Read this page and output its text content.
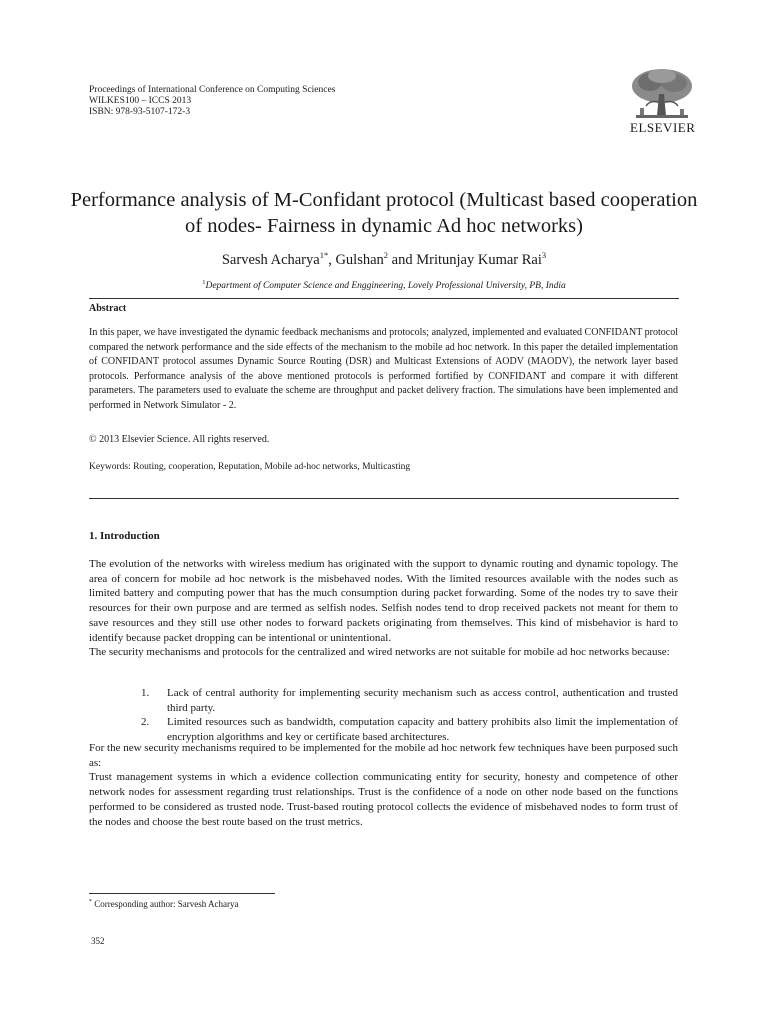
Proceedings of International Conference on Computing Sciences
WILKES100 – ICCS 2013
ISBN: 978-93-5107-172-3
ELSEVIER
Performance analysis of M-Confidant protocol (Multicast based cooperation of nodes- Fairness in dynamic Ad hoc networks)
Sarvesh Acharya$^{1*}$, Gulshan$^2$ and Mritunjay Kumar Rai$^3$
$^1$Department of Computer Science and Enggineering, Lovely Professional University, PB, India
Abstract

In this paper, we have investigated the dynamic feedback mechanisms and protocols; analyzed, implemented and evaluated CONFIDANT protocol compared the network performance and the side effects of the mechanism to the mobile ad hoc network. In this paper the detailed implementation of CONFIDANT protocol assumes Dynamic Source Routing (DSR) and Multicast Extensions of AODV (MAODV), the network layer based protocols. Performance analysis of the above mentioned protocols is performed fortified by CONFIDANT and compare it with different parameters. The parameters used to evaluate the scheme are throughput and packet delivery fraction. The simulations have been implemented and performed in Network Simulator - 2.

© 2013 Elsevier Science. All rights reserved.
Keywords: Routing, cooperation, Reputation, Mobile ad-hoc networks, Multicasting
1. Introduction

The evolution of the networks with wireless medium has originated with the support to dynamic routing and dynamic topology. The area of concern for mobile ad hoc network is the misbehaved nodes. With the limited resources available with the nodes such as limited battery and computing power that has the much consumption during packet forwarding. Some of the nodes try to save their resources for their own purpose and are termed as selfish nodes. Selfish nodes tend to drop received packets not meant for them to save resources and they still use other nodes to forward packets originating from themselves. This kind of misbehavior is hard to identify because packet dropping can be intentional or unintentional.

The security mechanisms and protocols for the centralized and wired networks are not suitable for mobile ad hoc networks because:

1. Lack of central authority for implementing security mechanism such as access control, authentication and trusted third party.

2. Limited resources such as bandwidth, computation capacity and battery prohibits also limit the implementation of encryption algorithms and key or certificate based architectures.

For the new security mechanisms required to be implemented for the mobile ad hoc network few techniques have been purposed such as:

Trust management systems in which a evidence collection communicating entity for security, honesty and competence of other network nodes for assessment regarding trust relationships. Trust is the confidence of a node on other node based on the functions performed to be considered as trusted node. Trust-based routing protocol collects the evidence of misbehaved nodes to form trust of the nodes and choose the best route based on the trust metrics.

* Corresponding author: Sarvesh Acharya
352
